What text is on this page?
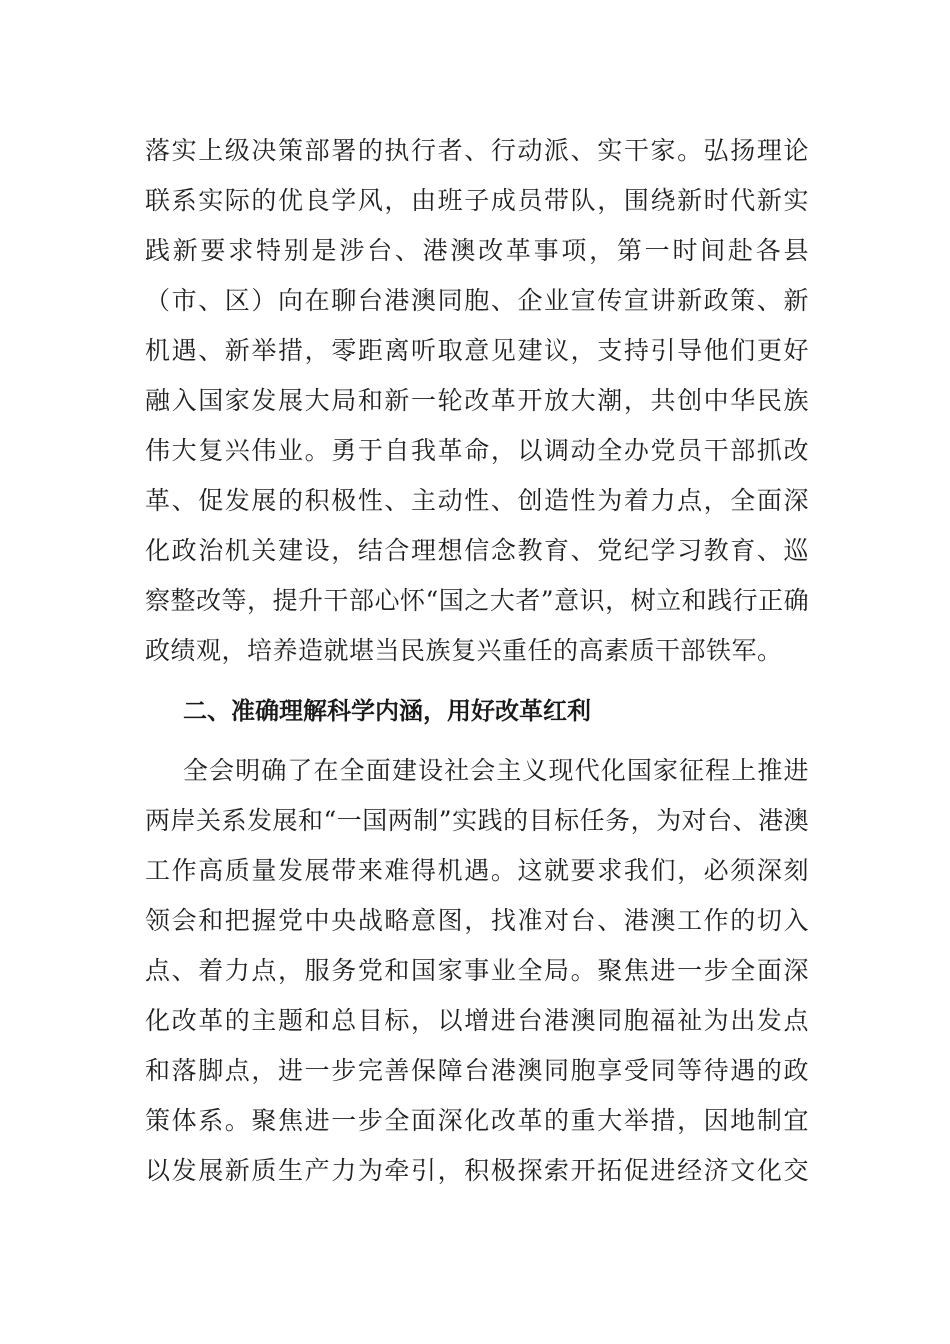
落实上级决策部署的执行者、行动派、实干家。弘扬理论
联系实际的优良学风，由班子成员带队，围绕新时代新实
践新要求特别是涉台、港澳改革事项，第一时间赴各县
（市、区）向在聊台港澳同胞、企业宣传宣讲新政策、新
机遇、新举措，零距离听取意见建议，支持引导他们更好
融入国家发展大局和新一轮改革开放大潮，共创中华民族
伟大复兴伟业。勇于自我革命，以调动全办党员干部抓改
革、促发展的积极性、主动性、创造性为着力点，全面深
化政治机关建设，结合理想信念教育、党纪学习教育、巡
察整改等，提升干部心怀“国之大者”意识，树立和践行正确
政绩观，培养造就堪当民族复兴重任的高素质干部铁军。
二、准确理解科学内涵，用好改革红利
全会明确了在全面建设社会主义现代化国家征程上推进
两岸关系发展和“一国两制”实践的目标任务，为对台、港澳
工作高质量发展带来难得机遇。这就要求我们，必须深刻
领会和把握党中央战略意图，找准对台、港澳工作的切入
点、着力点，服务党和国家事业全局。聚焦进一步全面深
化改革的主题和总目标，以增进台港澳同胞福祉为出发点
和落脚点，进一步完善保障台港澳同胞享受同等待遇的政
策体系。聚焦进一步全面深化改革的重大举措，因地制宜
以发展新质生产力为牵引，积极探索开拓促进经济文化交
